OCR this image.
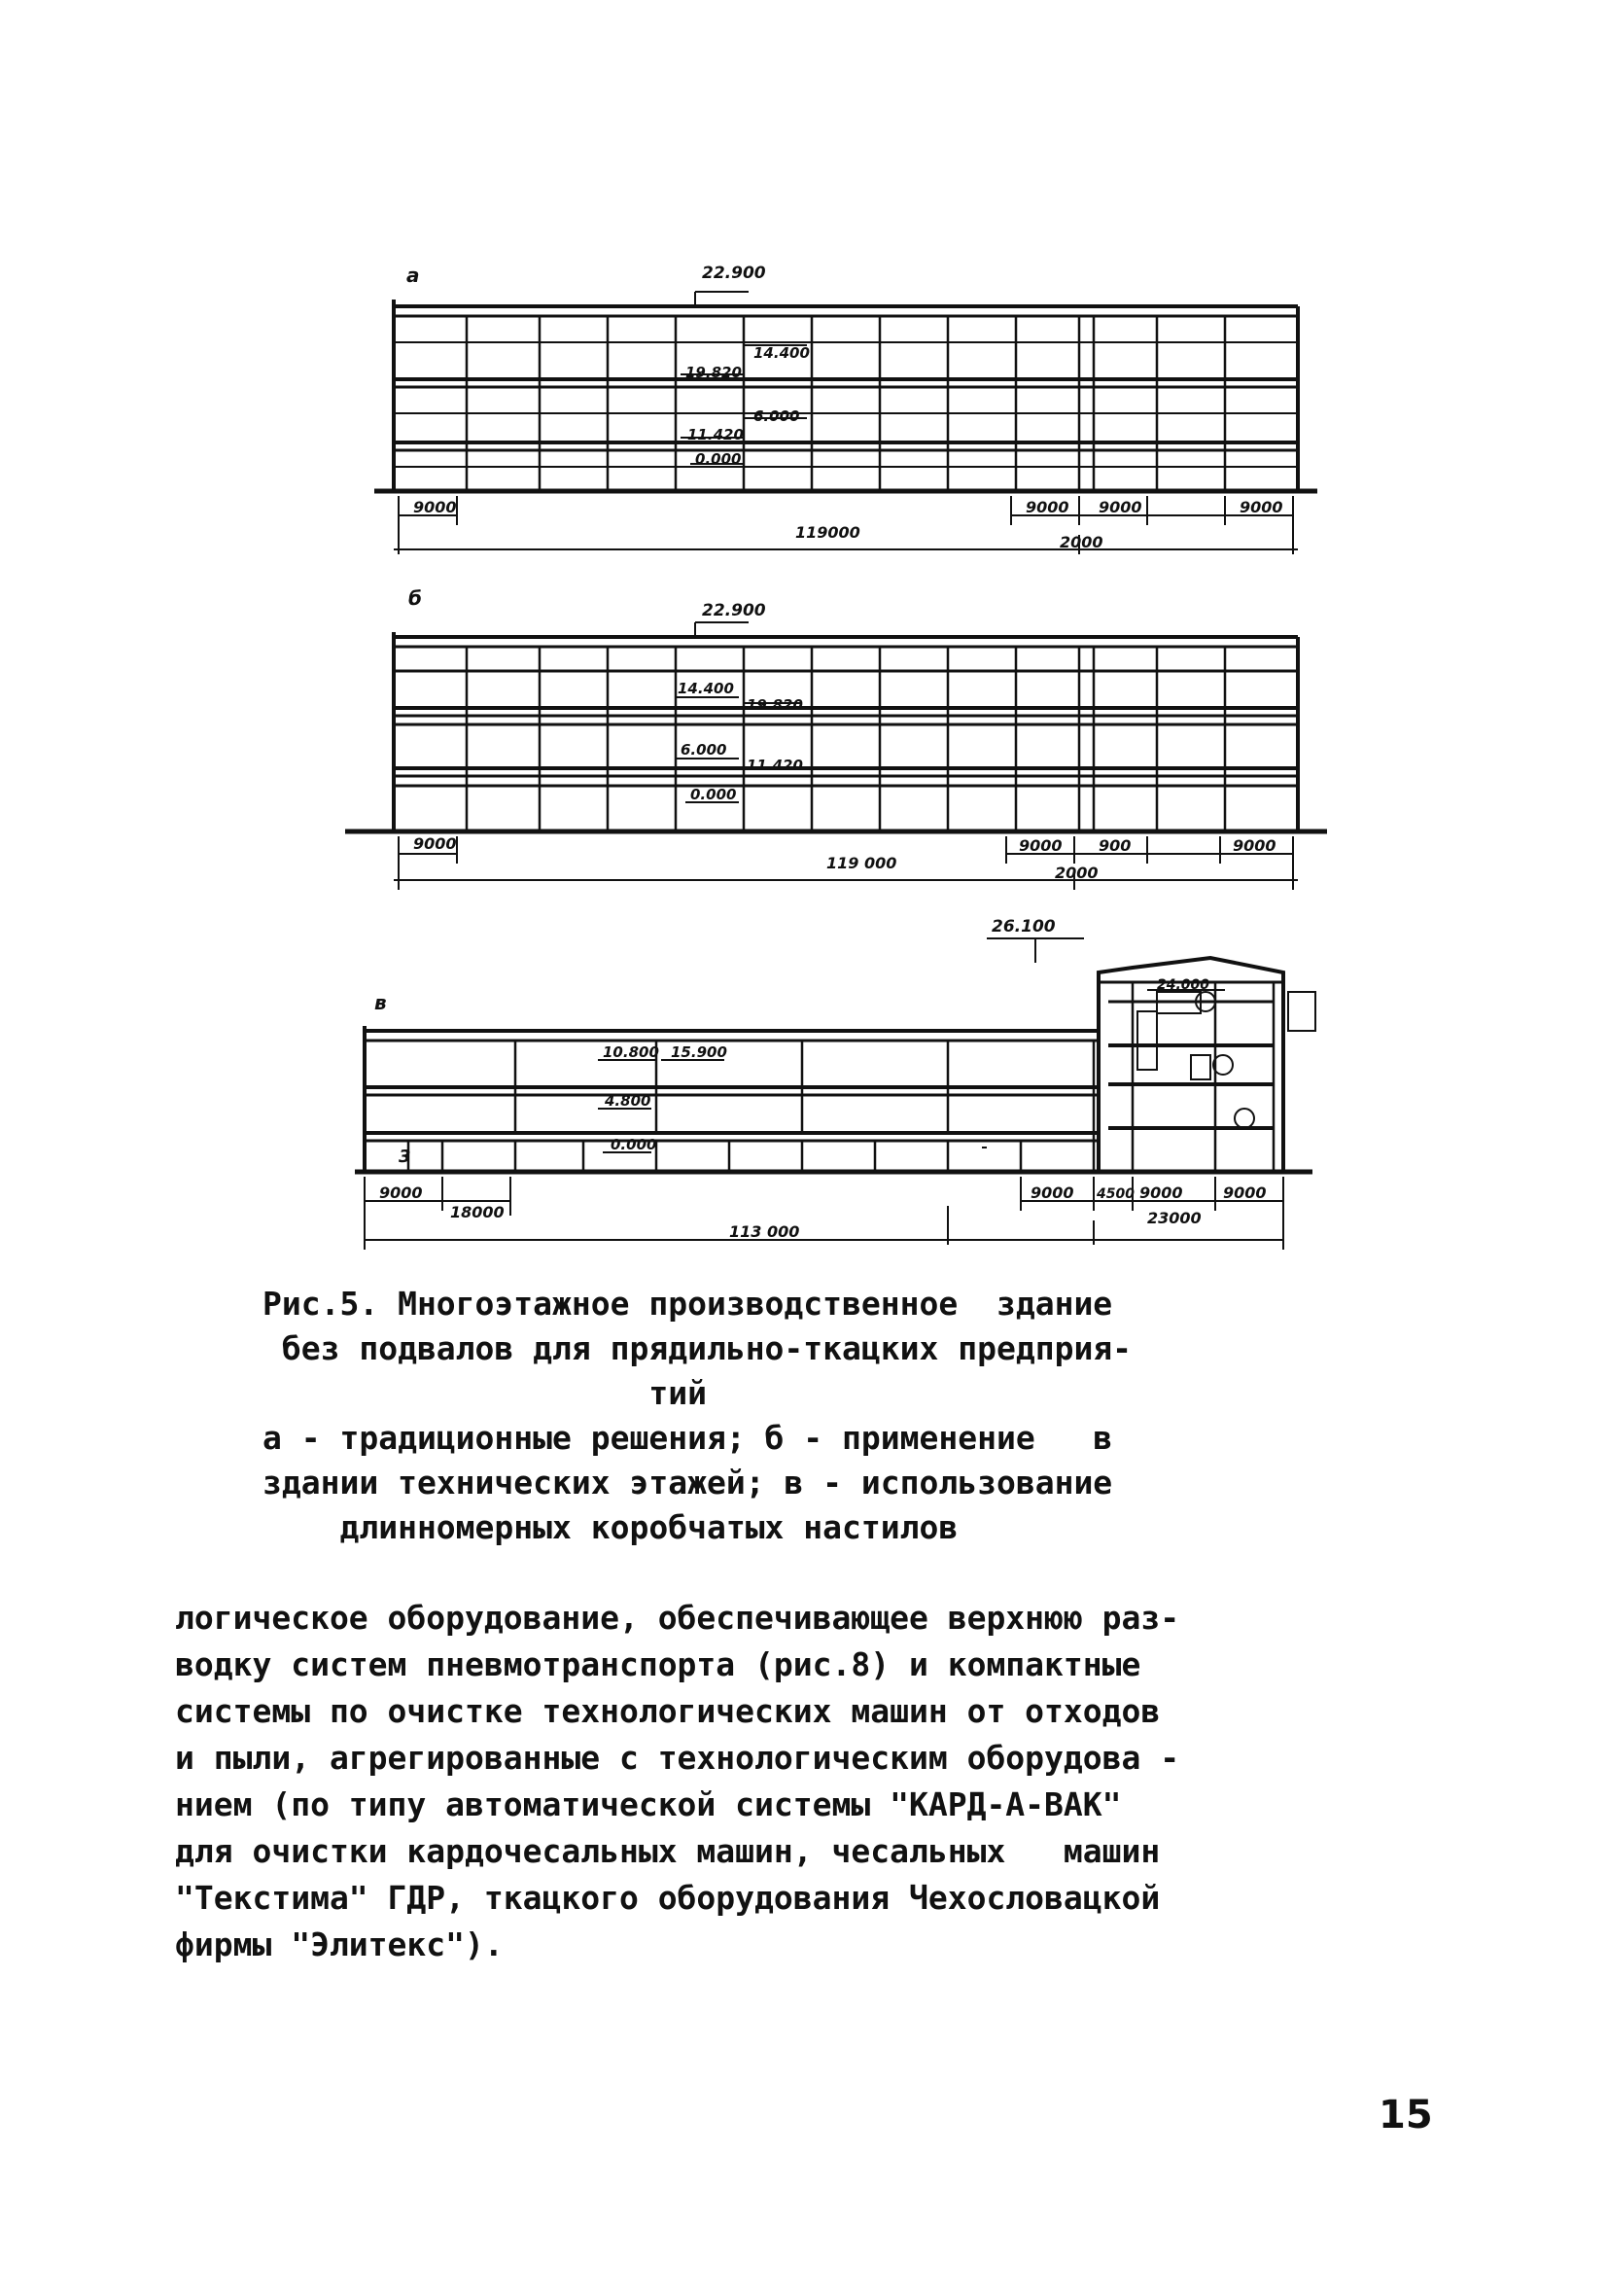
а	22.900
14.400
19.820
6.000
11.420
0.000
9000
119000
9000 9000	9000
2000
б
22.900
14.400
19.820
6.000
11.420
0.000
9000
119 000
9000 900	9000
2000
в
26.100
10.800 15.900
4.800
0.000
24.000
3
9000
18000
113 000
9000 4500 9000	9000
23000
Рис.5. Многоэтажное производственное  здание
без подвалов для прядильно-ткацких предприя-
тий
а - традиционные решения; б - применение   в
здании технических этажей; в - использование
длинномерных коробчатых настилов
логическое оборудование, обеспечивающее верхнюю раз-
водку систем пневмотранспорта (рис.8) и компактные
системы по очистке технологических машин от отходов
и пыли, агрегированные с технологическим оборудова -
нием (по типу автоматической системы "КАРД-А-ВАК"
для очистки кардочесальных машин, чесальных   машин
"Текстима" ГДР, ткацкого оборудования Чехословацкой
фирмы "Элитекс").
15
